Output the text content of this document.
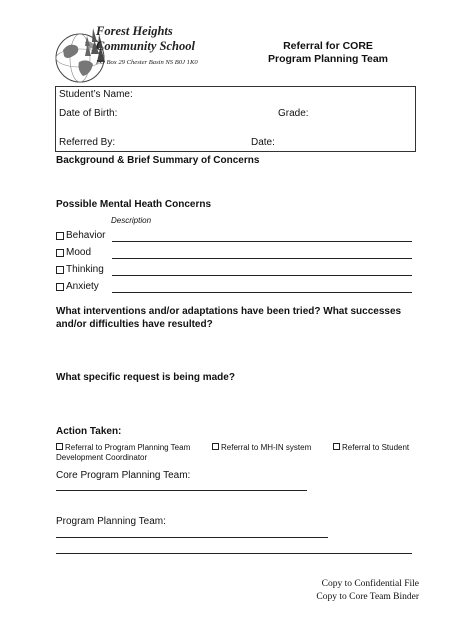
Forest Heights
Community School
PO Box 29 Chester Basin NS B0J 1K0
Referral for CORE
Program Planning Team
Student’s Name:
Date of Birth:	Grade:
Referred By:	Date:
Background & Brief Summary of Concerns
Possible Mental Heath Concerns
Description
Behavior
Mood
Thinking
Anxiety
What interventions and/or adaptations have been tried? What successes and/or difficulties have resulted?
What specific request is being made?
Action Taken:
Referral to Program Planning Team
Development Coordinator
Referral to MH-IN system	Referral to Student
Core Program Planning Team:
Program Planning Team:
Copy to Confidential File
Copy to Core Team Binder
